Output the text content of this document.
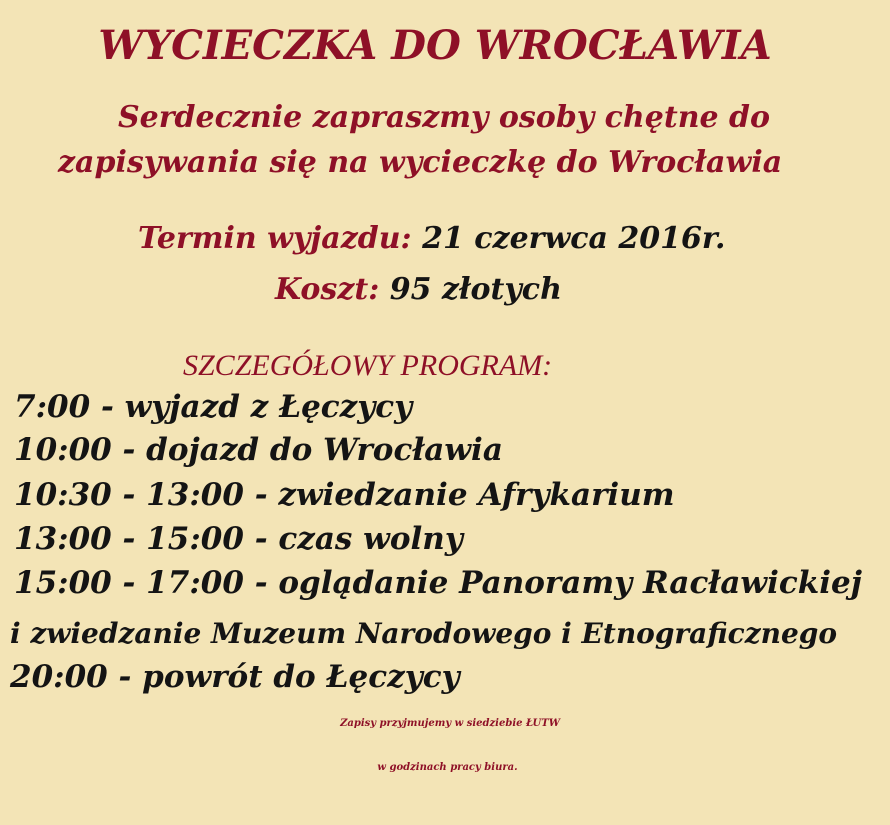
WYCIECZKA DO WROCŁAWIA

Serdecznie zapraszmy osoby chętne do

zapisywania się na wycieczkę do Wrocławia

Termin wyjazdu: 21 czerwca 2016r.

Koszt: 95 złotych

SZCZEGÓŁOWY PROGRAM:

7:00 - wyjazd z Łęczycy

10:00 - dojazd do Wrocławia

10:30 - 13:00 - zwiedzanie Afrykarium

13:00 - 15:00 - czas wolny

15:00 - 17:00 - oglądanie Panoramy Racławickiej

i zwiedzanie Muzeum Narodowego i Etnograficznego

20:00 - powrót do Łęczycy

Zapisy przyjmujemy w siedziebie ŁUTW

w godzinach pracy biura.
